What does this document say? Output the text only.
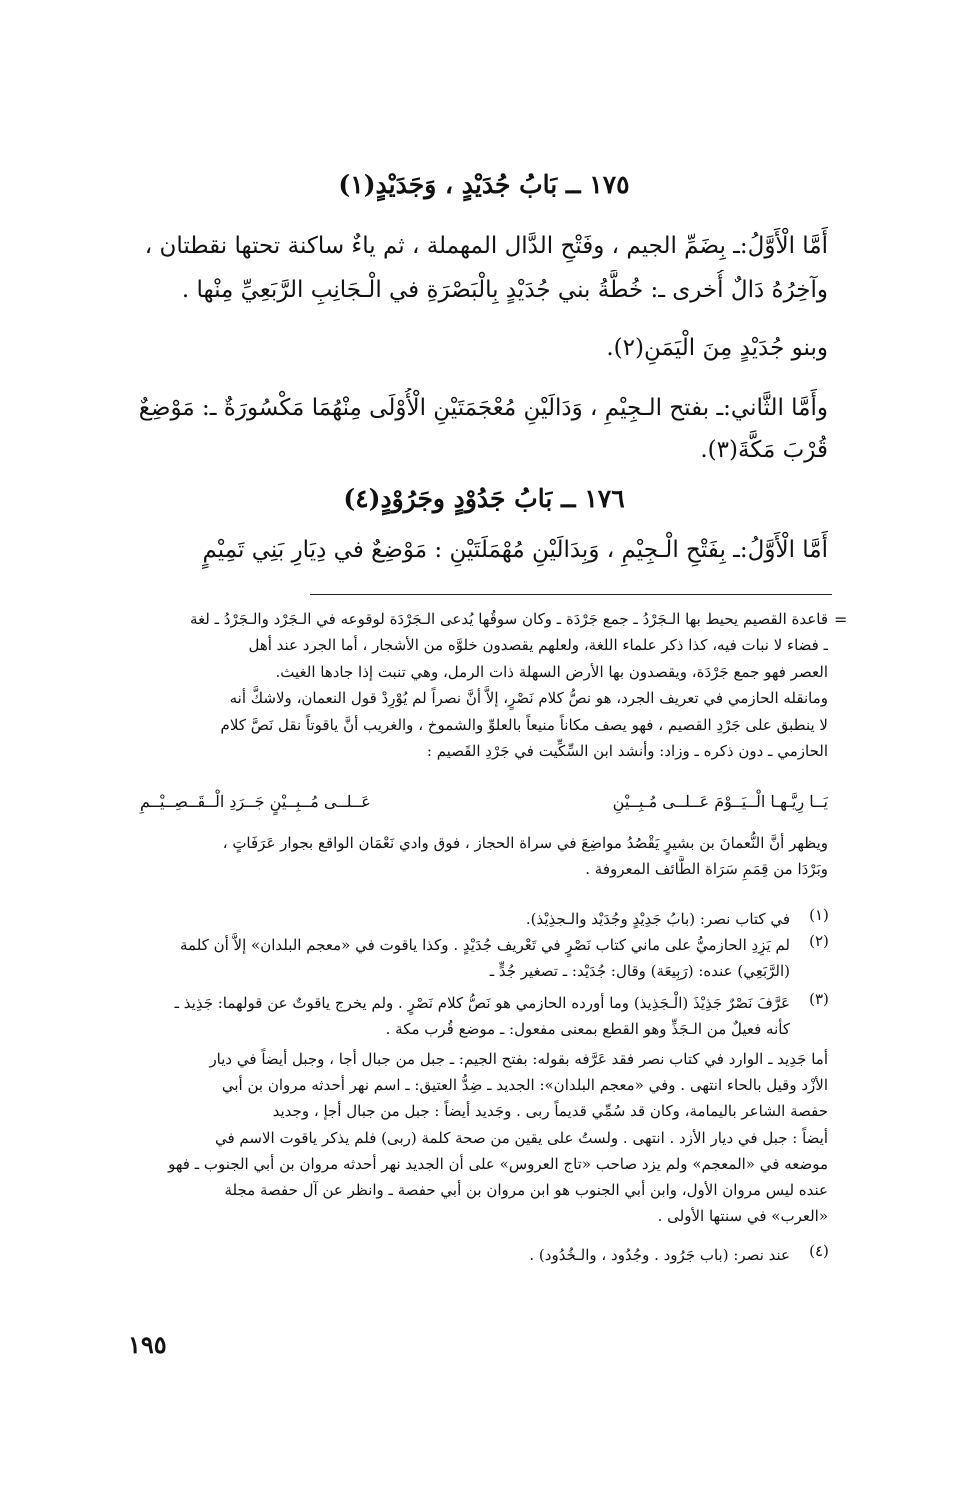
١٧٥ ــ بَابُ جُدَيْدٍ ، وَجَدَيْدٍ(١)
أَمَّا الْأَوَّلُ:ـ بِضَمِّ الجيم ، وفَتْحِ الدَّال المهملة ، ثم ياءٌ ساكنة تحتها نقطتان ،
وآخِرُهُ دَالٌ أُخرى ـ: خُطَّةُ بني جُدَيْدٍ بِالْبَصْرَةِ في الْـجَانِبِ الرَّبَعِيِّ مِنْها .
وبنو جُدَيْدٍ مِنَ الْيَمَنِ(٢).
وأَمَّا الثَّاني:ـ بفتح الـجِيْمِ ، وَدَالَيْنِ مُعْجَمَتَيْنِ الْأُوْلَى مِنْهُمَا مَكْسُورَةٌ ـ: مَوْضِعٌ
قُرْبَ مَكَّةَ(٣).
١٧٦ ــ بَابُ جَدُوْدٍ وجَرُوْدٍ(٤)
أَمَّا الْأَوَّلُ:ـ بِفَتْحِ الْـجِيْمِ ، وَبِدَالَيْنِ مُهْمَلَتَيْنِ : مَوْضِعٌ في دِيَارِ بَنِي تَمِيْمٍ
=
قاعدة القصيم يحيط بها الـجَرْدُ ـ جمع جَرْدَة ـ وكان سوقُها يُدعى الـجَرْدَة لوقوعه في الـجَرْد والـجَرْدُ ـ لغة
ـ فضاء لا نبات فيه، كذا ذكر علماء اللغة، ولعلهم يقصدون خلوَّه من الأشجار ، أما الجرد عند أهل
العصر فهو جمع جَرْدَة، ويقصدون بها الأرض السهلة ذات الرمل، وهي تنبت إذا جادها الغيث.
ومانقله الحازمي في تعريف الجرد، هو نصُّ كلام نَصْرٍ، إلاَّ أنَّ نصراً لم يُوْرِدْ قول النعمان، ولاشكَّ أنه
لا ينطبق على جَرْدِ القصيم ، فهو يصف مكاناً منيعاً بالعلوِّ والشموخ ، والغريب أنَّ ياقوتاً نقل نَصَّ كلام
الحازمي ـ دون ذكره ـ وزاد: وأنشد ابن السِّكِّيت في جَرْدِ القَصيم :
يَــا رِيَّـهـا الْــيَــوْمَ عَــلــى مُـبِــيْنِ
عَــلــى مُــبِــيْنٍ جَــرَدِ الْــقَــصِــيْــمِ
ويظهر أنَّ النُّعمانَ بن بشيرٍ يَقْصُدُ مواضِعَ في سراة الحجاز ، فوق وادي نَعْمَان الواقع بجوار عَرَفَاتٍ ،
وبَرْدَا من قِمَمِ سَرَاة الطَّائف المعروفة .
(١)
في كتاب نصر: (بابُ جَدِيْدٍ وجُدَيْد والـجذِيْذ).
(٢)
لم يَزِدِ الحازميُّ على ماني كتاب نَصْرٍ في تَعْريف جُدَيْدٍ . وكذا ياقوت في «معجم البلدان» إلاَّ أن كلمة
(الرَّبَعِي) عنده: (رَبِيعَة) وقال: جُدَيْد: ـ تصغير جُدٍّ ـ
(٣)
عَرَّفَ نَصْرٌ جَذِيْذَ (الْـجَذِيذ) وما أورده الحازمي هو نَصُّ كلام نَصْرٍ . ولم يخرج ياقوتٌ عن قولهما: جَذِيذ ـ
كأنه فعيلٌ من الـجَذِّ وهو القطع بمعنى مفعول: ـ موضع قُرب مكة .
أما جَدِيد ـ الوارد في كتاب نصر فقد عَرَّفه بقوله: بفتح الجيم: ـ جبل من جبال أجا ، وجبل أيضاً في ديار
الأزْد وقيل بالحاء انتهى . وفي «معجم البلدان»: الجديد ـ ضِدُّ العتيق: ـ اسم نهر أحدثه مروان بن أبي
حفصة الشاعر باليمامة، وكان قد سُمِّي قديماً ربى . وجَديد أيضاً : جبل من جبال أجإ ، وجديد
أيضاً : جبل في ديار الأزد . انتهى . ولستُ على يقين من صحة كلمة (ربى) فلم يذكر ياقوت الاسم في
موضعه في «المعجم» ولم يزد صاحب «تاج العروس» على أن الجديد نهر أحدثه مروان بن أبي الجنوب ـ فهو
عنده ليس مروان الأول، وابن أبي الجنوب هو ابن مروان بن أبي حفصة ـ وانظر عن آل حفصة مجلة
«العرب» في سنتها الأولى .
(٤)
عند نصر: (باب جَرُود . وجُدُود ، والـخُدُود) .
١٩٥
